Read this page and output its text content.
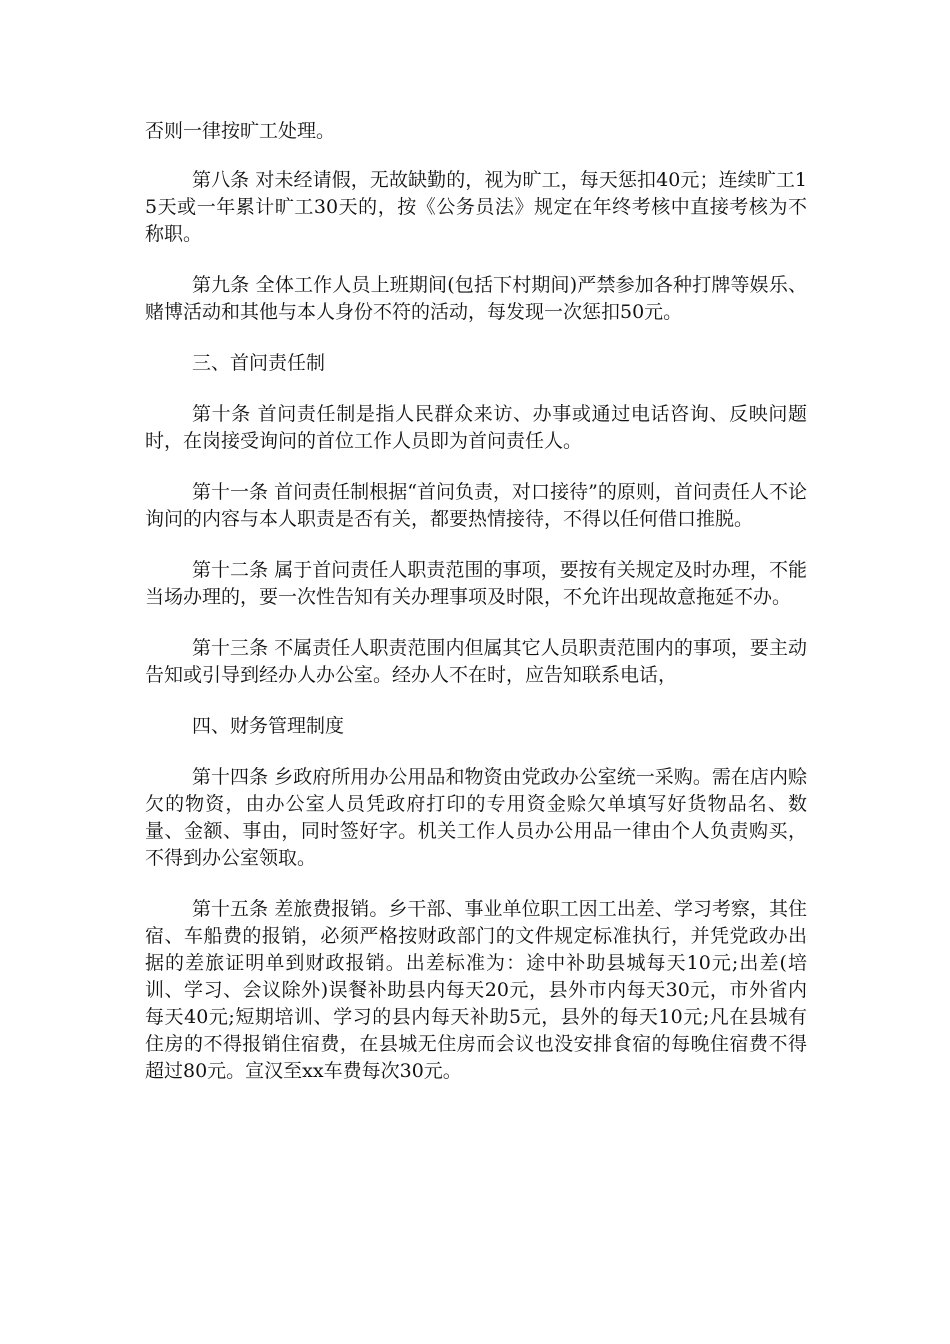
否则一律按旷工处理。

第八条 对未经请假，无故缺勤的，视为旷工，每天惩扣40元；连续旷工15天或一年累计旷工30天的，按《公务员法》规定在年终考核中直接考核为不称职。

第九条 全体工作人员上班期间(包括下村期间)严禁参加各种打牌等娱乐、赌博活动和其他与本人身份不符的活动，每发现一次惩扣50元。

三、首问责任制

第十条 首问责任制是指人民群众来访、办事或通过电话咨询、反映问题时，在岗接受询问的首位工作人员即为首问责任人。

第十一条 首问责任制根据“首问负责，对口接待”的原则，首问责任人不论询问的内容与本人职责是否有关，都要热情接待，不得以任何借口推脱。

第十二条 属于首问责任人职责范围的事项，要按有关规定及时办理，不能当场办理的，要一次性告知有关办理事项及时限，不允许出现故意拖延不办。

第十三条 不属责任人职责范围内但属其它人员职责范围内的事项，要主动告知或引导到经办人办公室。经办人不在时，应告知联系电话，

四、财务管理制度

第十四条 乡政府所用办公用品和物资由党政办公室统一采购。需在店内赊欠的物资，由办公室人员凭政府打印的专用资金赊欠单填写好货物品名、数量、金额、事由，同时签好字。机关工作人员办公用品一律由个人负责购买，不得到办公室领取。

第十五条 差旅费报销。乡干部、事业单位职工因工出差、学习考察，其住宿、车船费的报销，必须严格按财政部门的文件规定标准执行，并凭党政办出据的差旅证明单到财政报销。出差标准为：途中补助县城每天10元;出差(培训、学习、会议除外)误餐补助县内每天20元，县外市内每天30元，市外省内每天40元;短期培训、学习的县内每天补助5元，县外的每天10元;凡在县城有住房的不得报销住宿费，在县城无住房而会议也没安排食宿的每晚住宿费不得超过80元。宣汉至xx车费每次30元。
